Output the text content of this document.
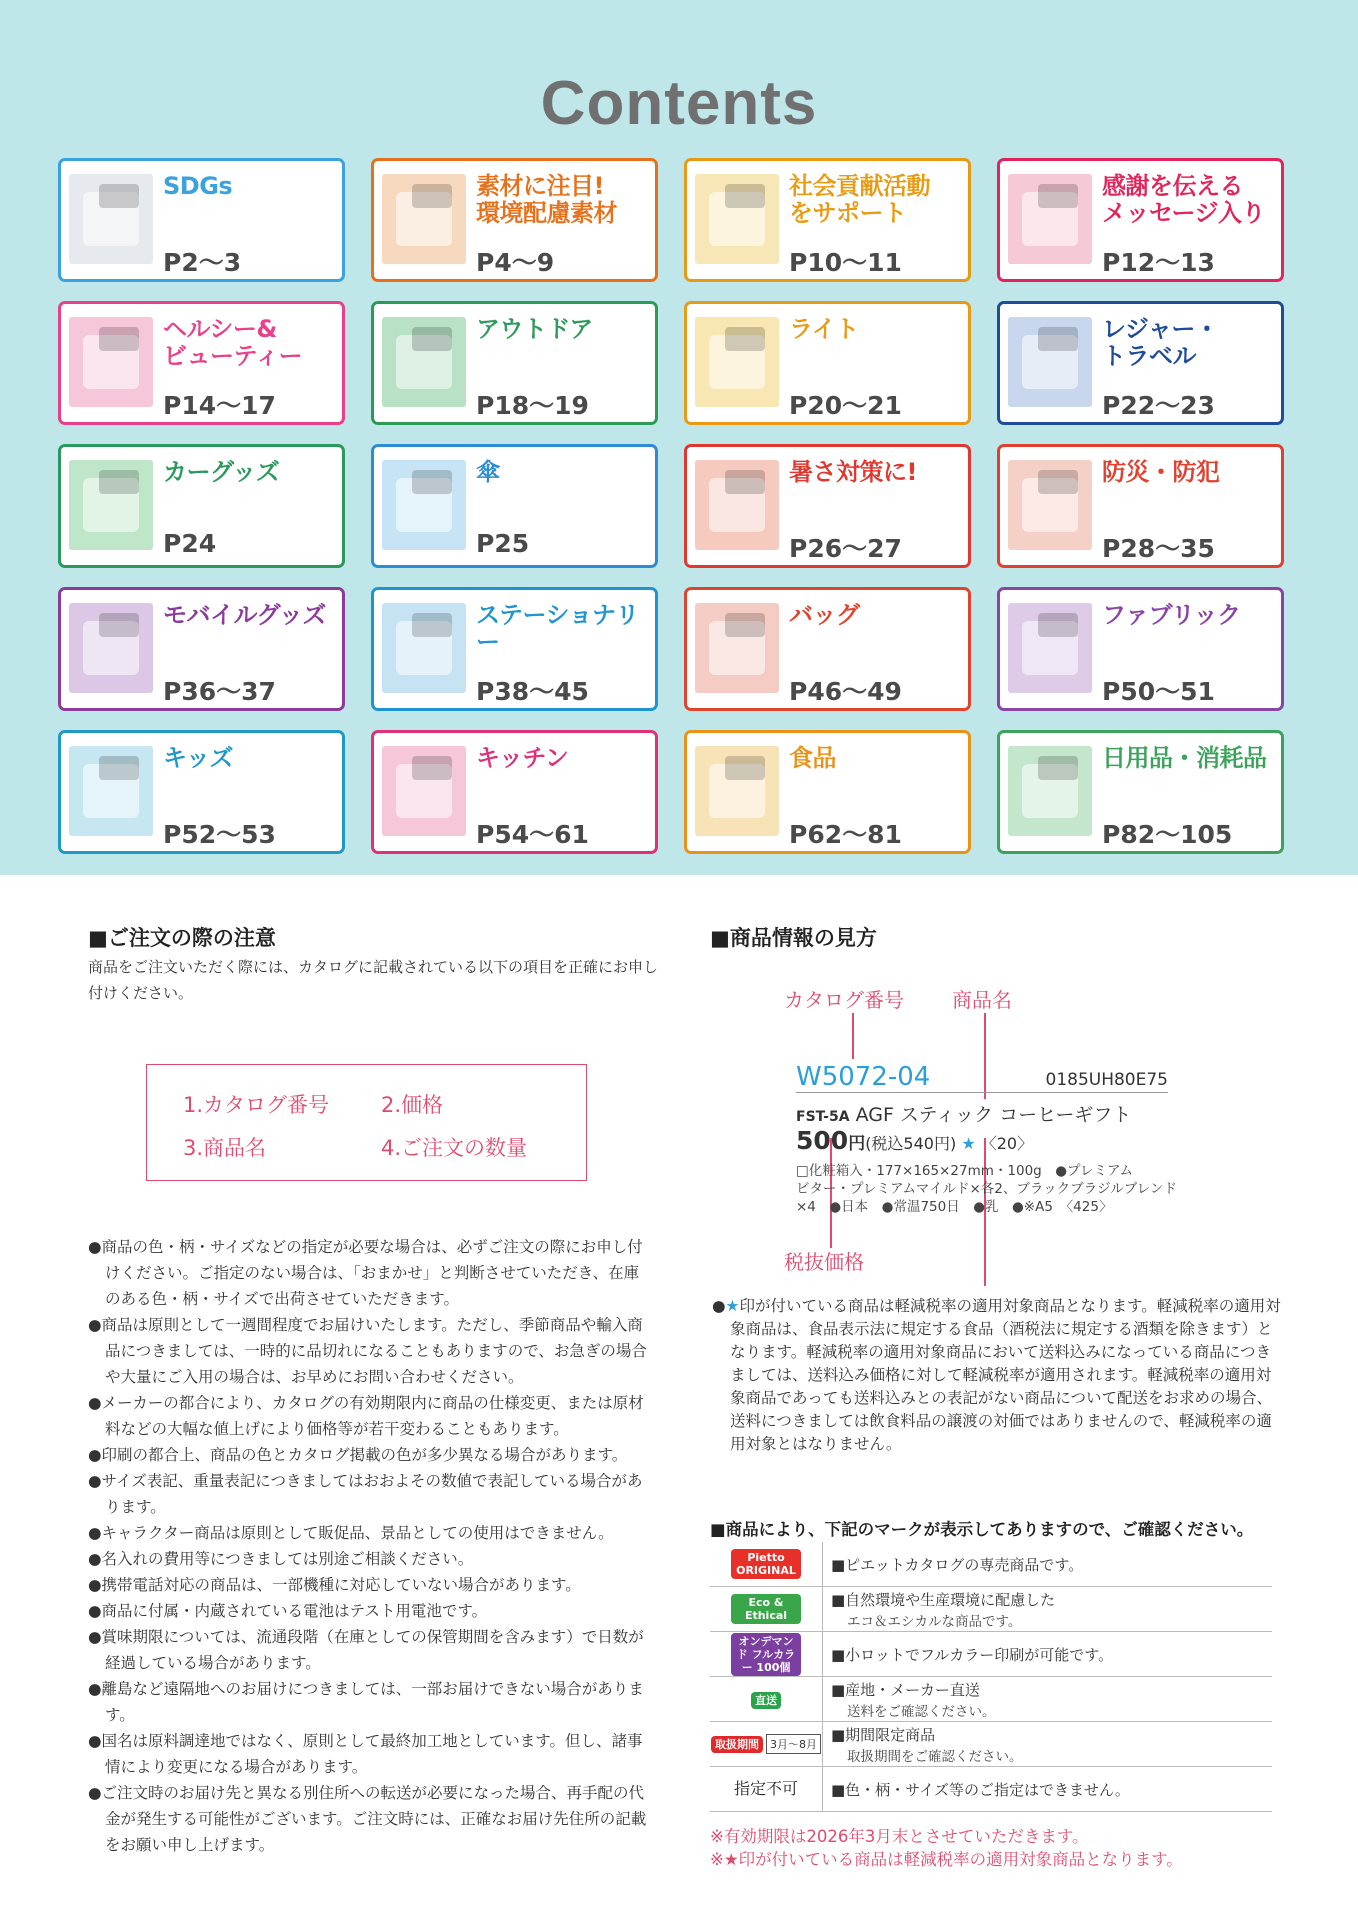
Contents
SDGs
P2〜3
素材に注目!
環境配慮素材
P4〜9
社会貢献活動
をサポート
P10〜11
感謝を伝える
メッセージ入り
P12〜13
ヘルシー&
ビューティー
P14〜17
アウトドア
P18〜19
ライト
P20〜21
レジャー・
トラベル
P22〜23
カーグッズ
P24
傘
P25
暑さ対策に!
P26〜27
防災・防犯
P28〜35
モバイルグッズ
P36〜37
ステーショナリー
P38〜45
バッグ
P46〜49
ファブリック
P50〜51
キッズ
P52〜53
キッチン
P54〜61
食品
P62〜81
日用品・消耗品
P82〜105
■ご注文の際の注意
商品をご注文いただく際には、カタログに記載されている以下の項目を正確にお申し付けください。
1.カタログ番号 2.価格
3.商品名	4.ご注文の数量
●商品の色・柄・サイズなどの指定が必要な場合は、必ずご注文の際にお申し付けください。ご指定のない場合は、「おまかせ」と判断させていただき、在庫のある色・柄・サイズで出荷させていただきます。
●商品は原則として一週間程度でお届けいたします。ただし、季節商品や輸入商品につきましては、一時的に品切れになることもありますので、お急ぎの場合や大量にご入用の場合は、お早めにお問い合わせください。
●メーカーの都合により、カタログの有効期限内に商品の仕様変更、または原材料などの大幅な値上げにより価格等が若干変わることもあります。
●印刷の都合上、商品の色とカタログ掲載の色が多少異なる場合があります。
●サイズ表記、重量表記につきましてはおおよその数値で表記している場合があります。
●キャラクター商品は原則として販促品、景品としての使用はできません。
●名入れの費用等につきましては別途ご相談ください。
●携帯電話対応の商品は、一部機種に対応していない場合があります。
●商品に付属・内蔵されている電池はテスト用電池です。
●賞味期限については、流通段階（在庫としての保管期間を含みます）で日数が経過している場合があります。
●離島など遠隔地へのお届けにつきましては、一部お届けできない場合があります。
●国名は原料調達地ではなく、原則として最終加工地としています。但し、諸事情により変更になる場合があります。
●ご注文時のお届け先と異なる別住所への転送が必要になった場合、再手配の代金が発生する可能性がございます。ご注文時には、正確なお届け先住所の記載をお願い申し上げます。
■商品情報の見方
カタログ番号 商品名
W5072-04	0185UH80E75
FST-5A AGF スティック コーヒーギフト
500円(税込540円) ★ 〈20〉
□化粧箱入・177×165×27mm・100g　●プレミアム
ビター・プレミアムマイルド×各2、ブラックブラジルブレンド
×4　●日本　●常温750日　●乳　●※A5　〈425〉
税抜価格
●★印が付いている商品は軽減税率の適用対象商品となります。軽減税率の適用対象商品は、食品表示法に規定する食品（酒税法に規定する酒類を除きます）となります。軽減税率の適用対象商品において送料込みになっている商品につきましては、送料込み価格に対して軽減税率が適用されます。軽減税率の適用対象商品であっても送料込みとの表記がない商品について配送をお求めの場合、送料につきましては飲食料品の譲渡の対価ではありませんので、軽減税率の適用対象とはなりません。
■商品により、下記のマークが表示してありますので、ご確認ください。
Pietto ORIGINAL	■ピエットカタログの専売商品です。

Eco & Ethical	■自然環境や生産環境に配慮した
エコ＆エシカルな商品です。

オンデマンド フルカラー 100個	■小ロットでフルカラー印刷が可能です。

直送	■産地・メーカー直送
送料をご確認ください。

取扱期間 3月〜8月	■期間限定商品
取扱期間をご確認ください。

指定不可	■色・柄・サイズ等のご指定はできません。
※有効期限は2026年3月末とさせていただきます。
※★印が付いている商品は軽減税率の適用対象商品となります。
